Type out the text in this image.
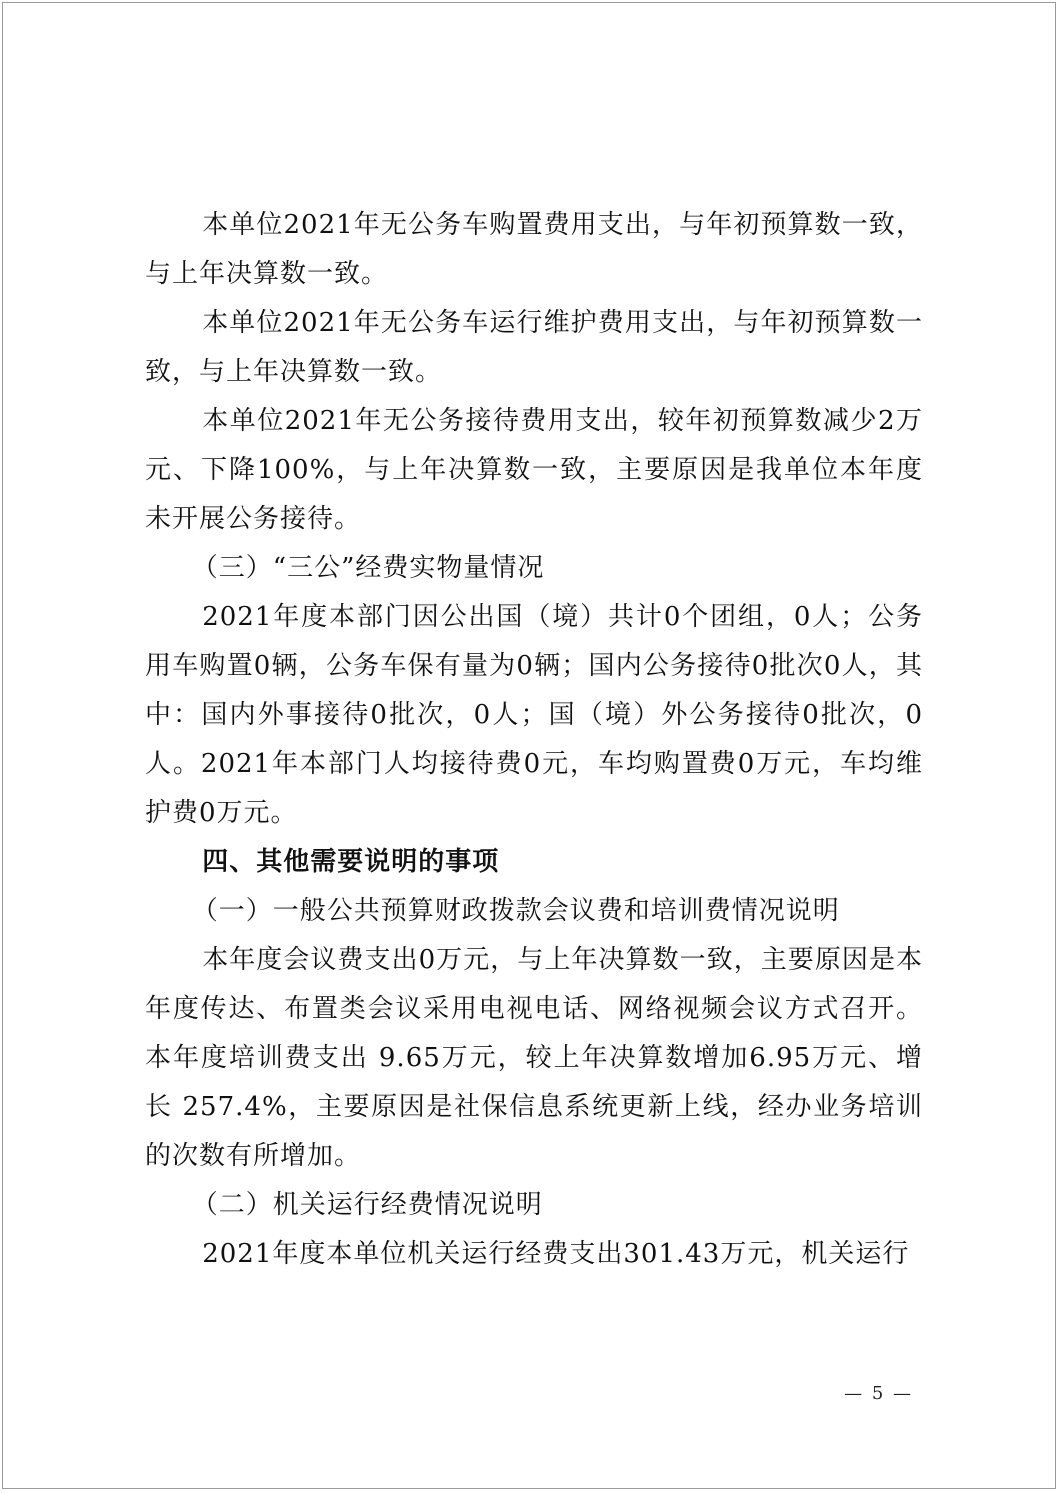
本单位2021年无公务车购置费用支出，与年初预算数一致，与上年决算数一致。

本单位2021年无公务车运行维护费用支出，与年初预算数一致，与上年决算数一致。

本单位2021年无公务接待费用支出，较年初预算数减少2万元、下降100%，与上年决算数一致，主要原因是我单位本年度未开展公务接待。

（三）“三公”经费实物量情况

2021年度本部门因公出国（境）共计0个团组，0人；公务用车购置0辆，公务车保有量为0辆；国内公务接待0批次0人，其中：国内外事接待0批次，0人；国（境）外公务接待0批次，0人。2021年本部门人均接待费0元，车均购置费0万元，车均维护费0万元。

四、其他需要说明的事项

（一）一般公共预算财政拨款会议费和培训费情况说明

本年度会议费支出0万元，与上年决算数一致，主要原因是本年度传达、布置类会议采用电视电话、网络视频会议方式召开。本年度培训费支出 9.65万元，较上年决算数增加6.95万元、增长 257.4%，主要原因是社保信息系统更新上线，经办业务培训的次数有所增加。

（二）机关运行经费情况说明

2021年度本单位机关运行经费支出301.43万元，机关运行

— 5 —
